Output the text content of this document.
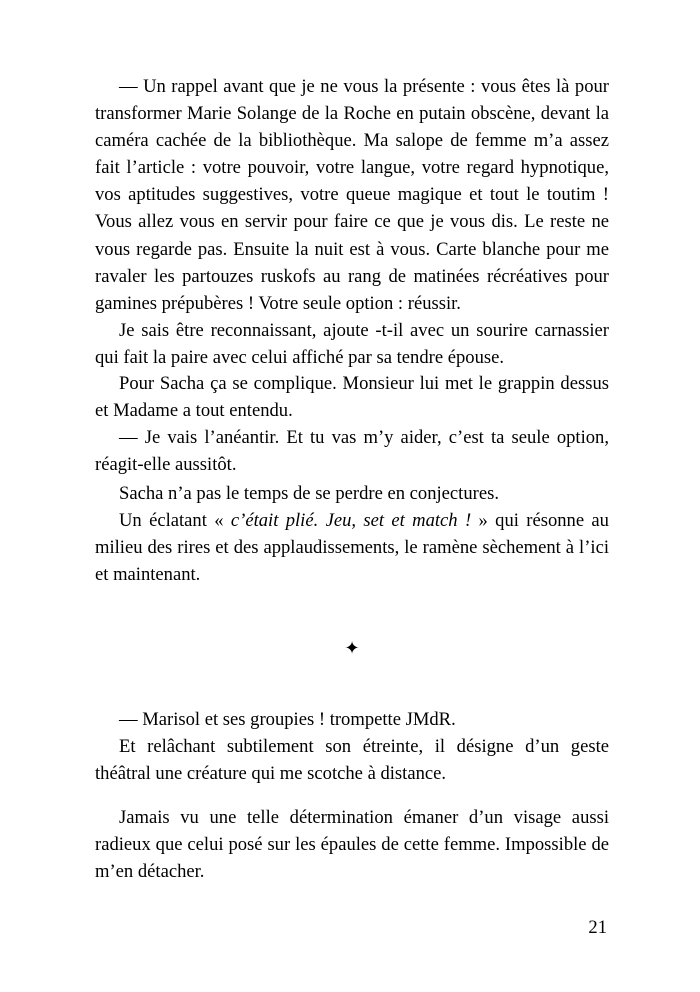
— Un rappel avant que je ne vous la présente : vous êtes là pour transformer Marie Solange de la Roche en putain obscène, devant la caméra cachée de la bibliothèque. Ma salope de femme m’a assez fait l’article : votre pouvoir, votre langue, votre regard hypnotique, vos aptitudes suggestives, votre queue magique et tout le toutim ! Vous allez vous en servir pour faire ce que je vous dis. Le reste ne vous regarde pas. Ensuite la nuit est à vous. Carte blanche pour me ravaler les partouzes ruskofs au rang de matinées récréatives pour gamines prépubères ! Votre seule option : réussir.

Je sais être reconnaissant, ajoute -t-il avec un sourire carnassier qui fait la paire avec celui affiché par sa tendre épouse.

Pour Sacha ça se complique. Monsieur lui met le grappin dessus et Madame a tout entendu.

— Je vais l’anéantir. Et tu vas m’y aider, c’est ta seule option, réagit-elle aussitôt.

Sacha n’a pas le temps de se perdre en conjectures.

Un éclatant « c’était plié. Jeu, set et match ! » qui résonne au milieu des rires et des applaudissements, le ramène sèchement à l’ici et maintenant.

✦

— Marisol et ses groupies ! trompette JMdR.

Et relâchant subtilement son étreinte, il désigne d’un geste théâtral une créature qui me scotche à distance.

Jamais vu une telle détermination émaner d’un visage aussi radieux que celui posé sur les épaules de cette femme. Impossible de m’en détacher.

21
